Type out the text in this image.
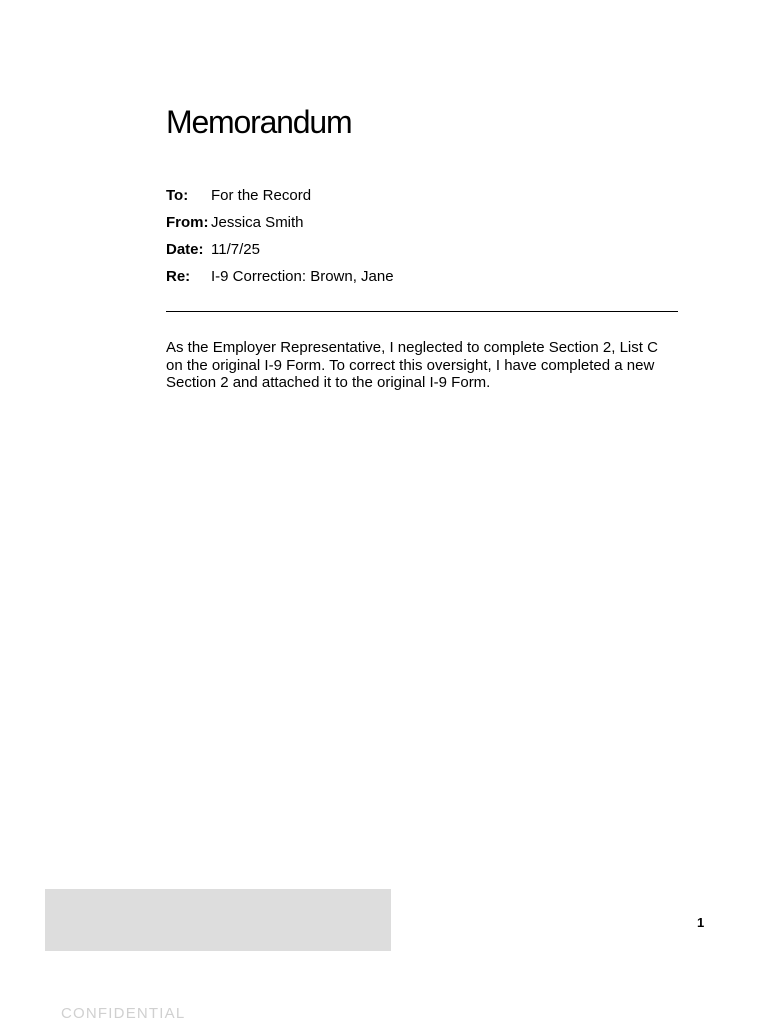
Memorandum
To:	For the Record
From: Jessica Smith
Date: 11/7/25
Re:	I-9 Correction: Brown, Jane

As the Employer Representative, I neglected to complete Section 2, List C on the original I-9 Form. To correct this oversight, I have completed a new Section 2 and attached it to the original I-9 Form.

1
CONFIDENTIAL
